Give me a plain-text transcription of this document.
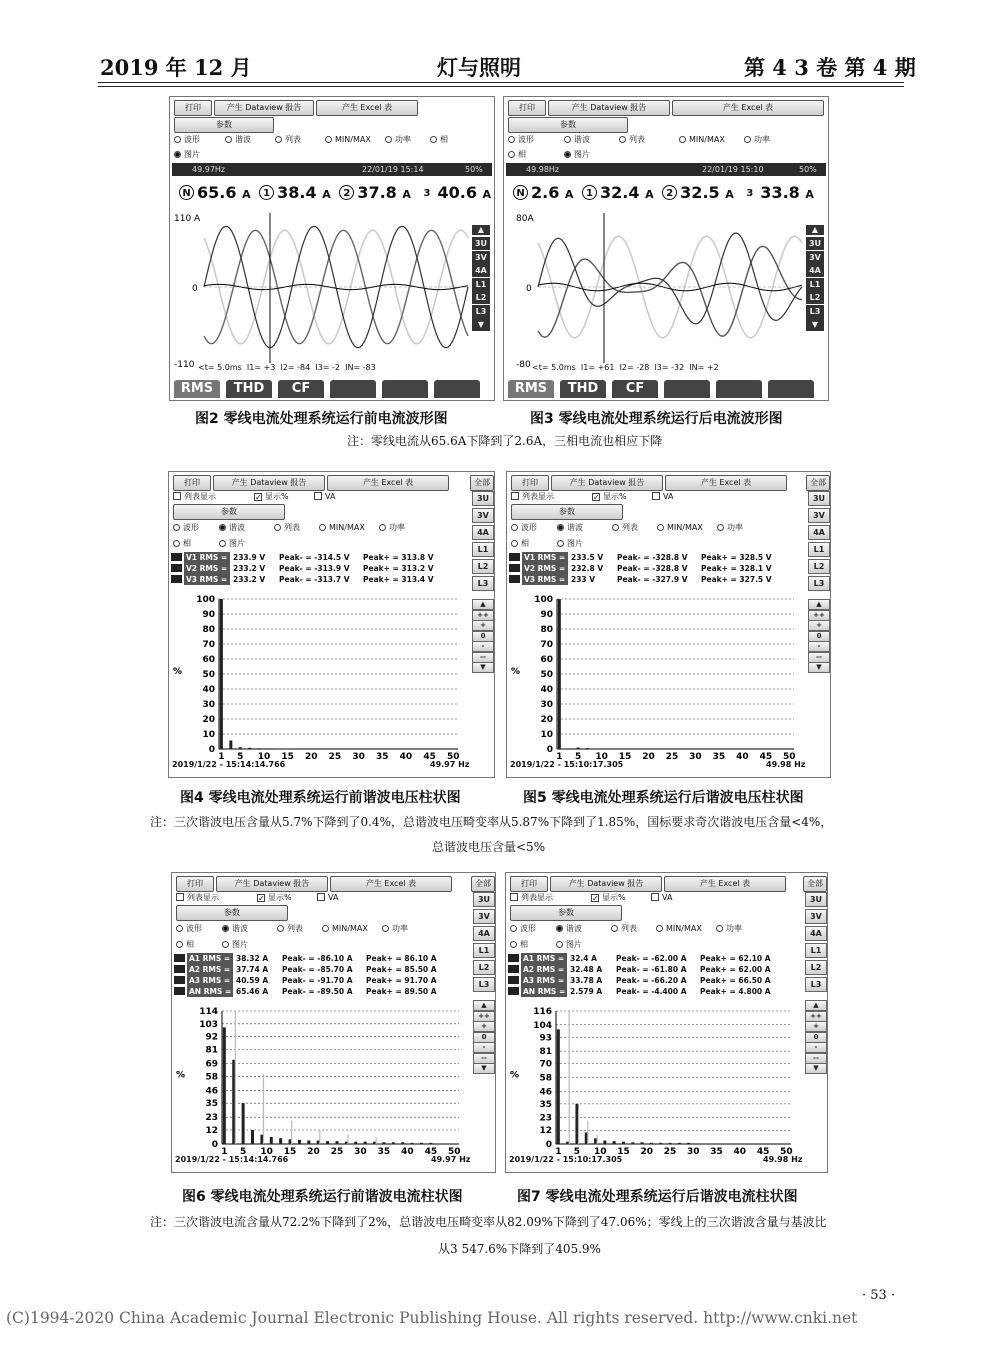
2019 年 12 月	灯与照明	第 4 3 卷 第 4 期
打印	产生 Dataview 报告	产生 Excel 表
参数
波形	谐波	列表	MIN/MAX	功率	相
图片
49.97Hz	22/01/19 15:14	50%
N 65.6 A 1 38.4 A 2 37.8 A 3 40.6 A
110 A
0
-110 <t= 5.0ms I1= +3 I2= -84 I3= -2 IN= -83
RMS	THD	CF
3U
3V
4A
L1
L2
L3
▼
▲
打印	产生 Dataview 报告	产生 Excel 表
参数
波形	谐波	列表	MIN/MAX	功率
相	图片
49.98Hz	22/01/19 15:10	50%
N 2.6 A 1 32.4 A 2 32.5 A 3 33.8 A
80A
0
-80 <t= 5.0ms I1= +61 I2= -28 I3= -32 IN= +2
RMS	THD	CF
3U
3V
4A
L1
L2
L3
▼
▲
图2 零线电流处理系统运行前电流波形图	图3 零线电流处理系统运行后电流波形图
注：零线电流从65.6A下降到了2.6A，三相电流也相应下降
打印	产生 Dataview 报告	产生 Excel 表	全部
列表显示	✓ 显示%	VA
参数
波形	谐波	列表	MIN/MAX	功率
相	图片
V1 RMS = 233.9 V Peak- = -314.5 V Peak+ = 313.8 V
V2 RMS = 233.2 V Peak- = -313.9 V Peak+ = 313.2 V
V3 RMS = 233.2 V Peak- = -313.7 V Peak+ = 313.4 V
3U
3V
4A
L1
L2
L3
▲
++
+
0
-
--
▼
0
10
20
30
40
50
60
70
80
90
100
1 5 10 15 20 25 30 35 40 45 50
%
2019/1/22 - 15:14:14.766	49.97 Hz
打印	产生 Dataview 报告	产生 Excel 表	全部
列表显示	✓ 显示%	VA
参数
波形	谐波	列表	MIN/MAX	功率
相	图片
V1 RMS = 233.5 V Peak- = -328.8 V Peak+ = 328.5 V
V2 RMS = 232.8 V Peak- = -328.8 V Peak+ = 328.1 V
V3 RMS = 233 V	Peak- = -327.9 V Peak+ = 327.5 V
3U
3V
4A
L1
L2
L3
▲
++
+
0
-
--
▼
0
10
20
30
40
50
60
70
80
90
100
1 5 10 15 20 25 30 35 40 45 50
%
2019/1/22 - 15:10:17.305	49.98 Hz
图4 零线电流处理系统运行前谐波电压柱状图	图5 零线电流处理系统运行后谐波电压柱状图
注：三次谐波电压含量从5.7%下降到了0.4%，总谐波电压畸变率从5.87%下降到了1.85%，国标要求奇次谐波电压含量<4%，
总谐波电压含量<5%
打印	产生 Dataview 报告	产生 Excel 表	全部
列表显示	✓ 显示%	VA
参数
波形	谐波	列表	MIN/MAX	功率
相	图片
A1 RMS = 38.32 A Peak- = -86.10 A Peak+ = 86.10 A
A2 RMS = 37.74 A Peak- = -85.70 A Peak+ = 85.50 A
A3 RMS = 40.59 A Peak- = -91.70 A Peak+ = 91.70 A
AN RMS = 65.46 A Peak- = -89.50 A Peak+ = 89.50 A
3U
3V
4A
L1
L2
L3
▲
++
+
0
-
--
▼
0
12
23
35
46
58
69
81
92
103
114
1 5 10 15 20 25 30 35 40 45 50
%
2019/1/22 - 15:14:14.766	49.97 Hz
打印	产生 Dataview 报告	产生 Excel 表	全部
列表显示	✓ 显示%	VA
参数
波形	谐波	列表	MIN/MAX	功率
相	图片
A1 RMS = 32.4 A	Peak- = -62.00 A Peak+ = 62.10 A
A2 RMS = 32.48 A Peak- = -61.80 A Peak+ = 62.00 A
A3 RMS = 33.78 A Peak- = -66.20 A Peak+ = 66.50 A
AN RMS = 2.579 A Peak- = -4.400 A Peak+ = 4.800 A
3U
3V
4A
L1
L2
L3
▲
++
+
0
-
--
▼
0
12
23
35
46
58
70
81
93
104
116
1 5 10 15 20 25 30 35 40 45 50
%
2019/1/22 - 15:10:17.305	49.98 Hz
图6 零线电流处理系统运行前谐波电流柱状图	图7 零线电流处理系统运行后谐波电流柱状图
注：三次谐波电流含量从72.2%下降到了2%，总谐波电压畸变率从82.09%下降到了47.06%；零线上的三次谐波含量与基波比
从3 547.6%下降到了405.9%
· 53 ·
(C)1994-2020 China Academic Journal Electronic Publishing House. All rights reserved. http://www.cnki.net
